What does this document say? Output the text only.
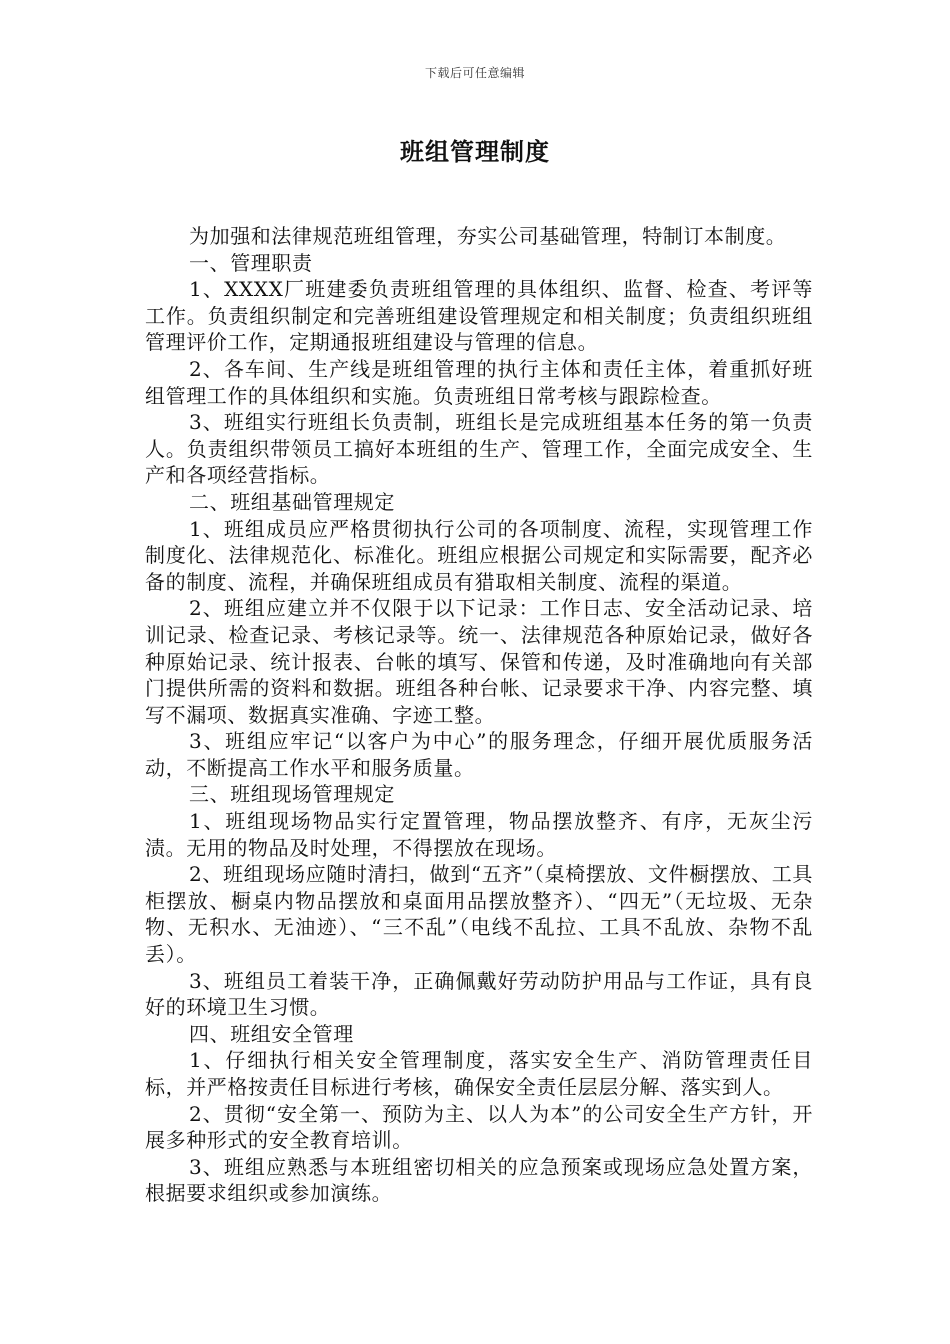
下载后可任意编辑
班组管理制度

为加强和法律规范班组管理，夯实公司基础管理，特制订本制度。

一、管理职责

1、XXXX厂班建委负责班组管理的具体组织、监督、检查、考评等工作。负责组织制定和完善班组建设管理规定和相关制度；负责组织班组管理评价工作，定期通报班组建设与管理的信息。

2、各车间、生产线是班组管理的执行主体和责任主体，着重抓好班组管理工作的具体组织和实施。负责班组日常考核与跟踪检查。

3、班组实行班组长负责制，班组长是完成班组基本任务的第一负责人。负责组织带领员工搞好本班组的生产、管理工作，全面完成安全、生产和各项经营指标。

二、班组基础管理规定

1、班组成员应严格贯彻执行公司的各项制度、流程，实现管理工作制度化、法律规范化、标准化。班组应根据公司规定和实际需要，配齐必备的制度、流程，并确保班组成员有猎取相关制度、流程的渠道。

2、班组应建立并不仅限于以下记录：工作日志、安全活动记录、培训记录、检查记录、考核记录等。统一、法律规范各种原始记录，做好各种原始记录、统计报表、台帐的填写、保管和传递，及时准确地向有关部门提供所需的资料和数据。班组各种台帐、记录要求干净、内容完整、填写不漏项、数据真实准确、字迹工整。

3、班组应牢记“以客户为中心”的服务理念，仔细开展优质服务活动，不断提高工作水平和服务质量。

三、班组现场管理规定

1、班组现场物品实行定置管理，物品摆放整齐、有序，无灰尘污渍。无用的物品及时处理，不得摆放在现场。

2、班组现场应随时清扫，做到“五齐”（桌椅摆放、文件橱摆放、工具柜摆放、橱桌内物品摆放和桌面用品摆放整齐）、“四无”（无垃圾、无杂物、无积水、无油迹）、“三不乱”（电线不乱拉、工具不乱放、杂物不乱丢）。

3、班组员工着装干净，正确佩戴好劳动防护用品与工作证，具有良好的环境卫生习惯。

四、班组安全管理

1、仔细执行相关安全管理制度，落实安全生产、消防管理责任目标，并严格按责任目标进行考核，确保安全责任层层分解、落实到人。

2、贯彻“安全第一、预防为主、以人为本”的公司安全生产方针，开展多种形式的安全教育培训。

3、班组应熟悉与本班组密切相关的应急预案或现场应急处置方案，根据要求组织或参加演练。
